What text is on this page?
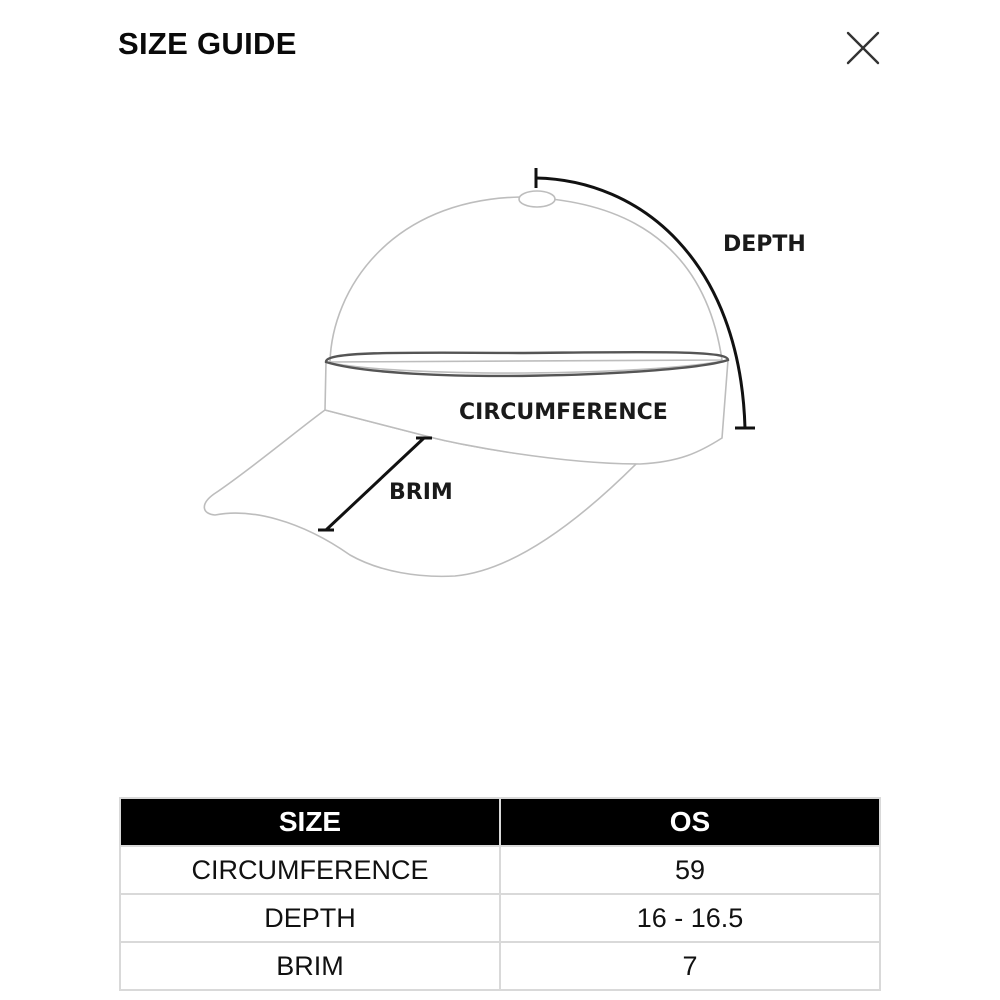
SIZE GUIDE
DEPTH
CIRCUMFERENCE
BRIM
SIZE	OS
CIRCUMFERENCE	59
DEPTH	16 - 16.5
BRIM	7
